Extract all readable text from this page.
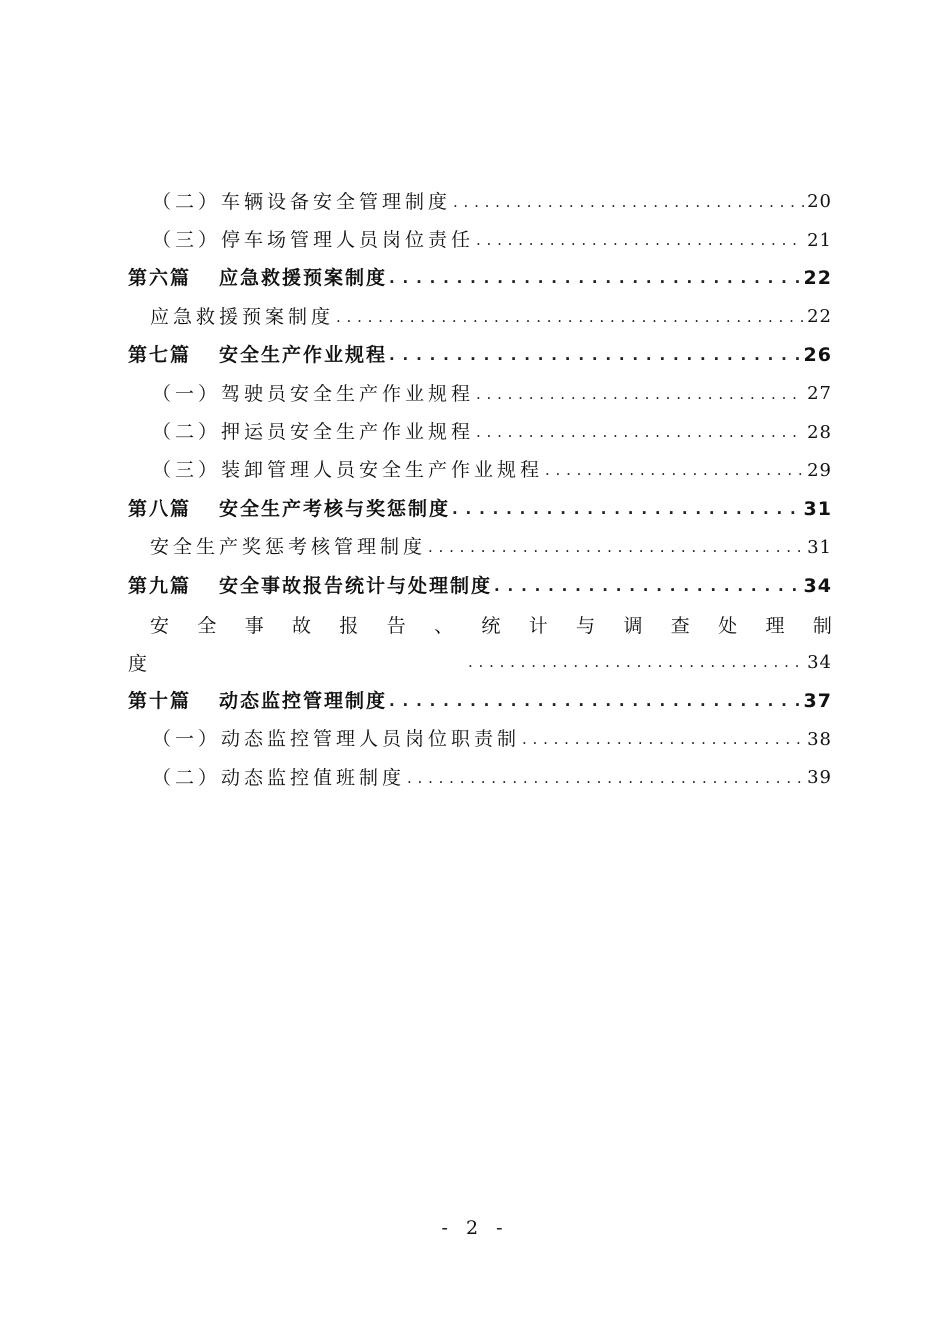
（二）车辆设备安全管理制度 . . .	20
（三）停车场管理人员岗位责任 . . .	21
第六篇 应急救援预案制度 . . .	22
应急救援预案制度 . . .	22
第七篇 安全生产作业规程 . . .	26
（一）驾驶员安全生产作业规程 . . .	27
（二）押运员安全生产作业规程 . . .	28
（三）装卸管理人员安全生产作业规程 . . .	29
第八篇 安全生产考核与奖惩制度 . . .	31
安全生产奖惩考核管理制度 . . .	31
第九篇 安全事故报告统计与处理制度 . . .	34
安 全 事 故 报 告 、 统 计 与 调 查 处 理 制
度 . . .	34
第十篇 动态监控管理制度 . . .	37
（一）动态监控管理人员岗位职责制 . . .	38
（二）动态监控值班制度 . . .	39
- 2 -
